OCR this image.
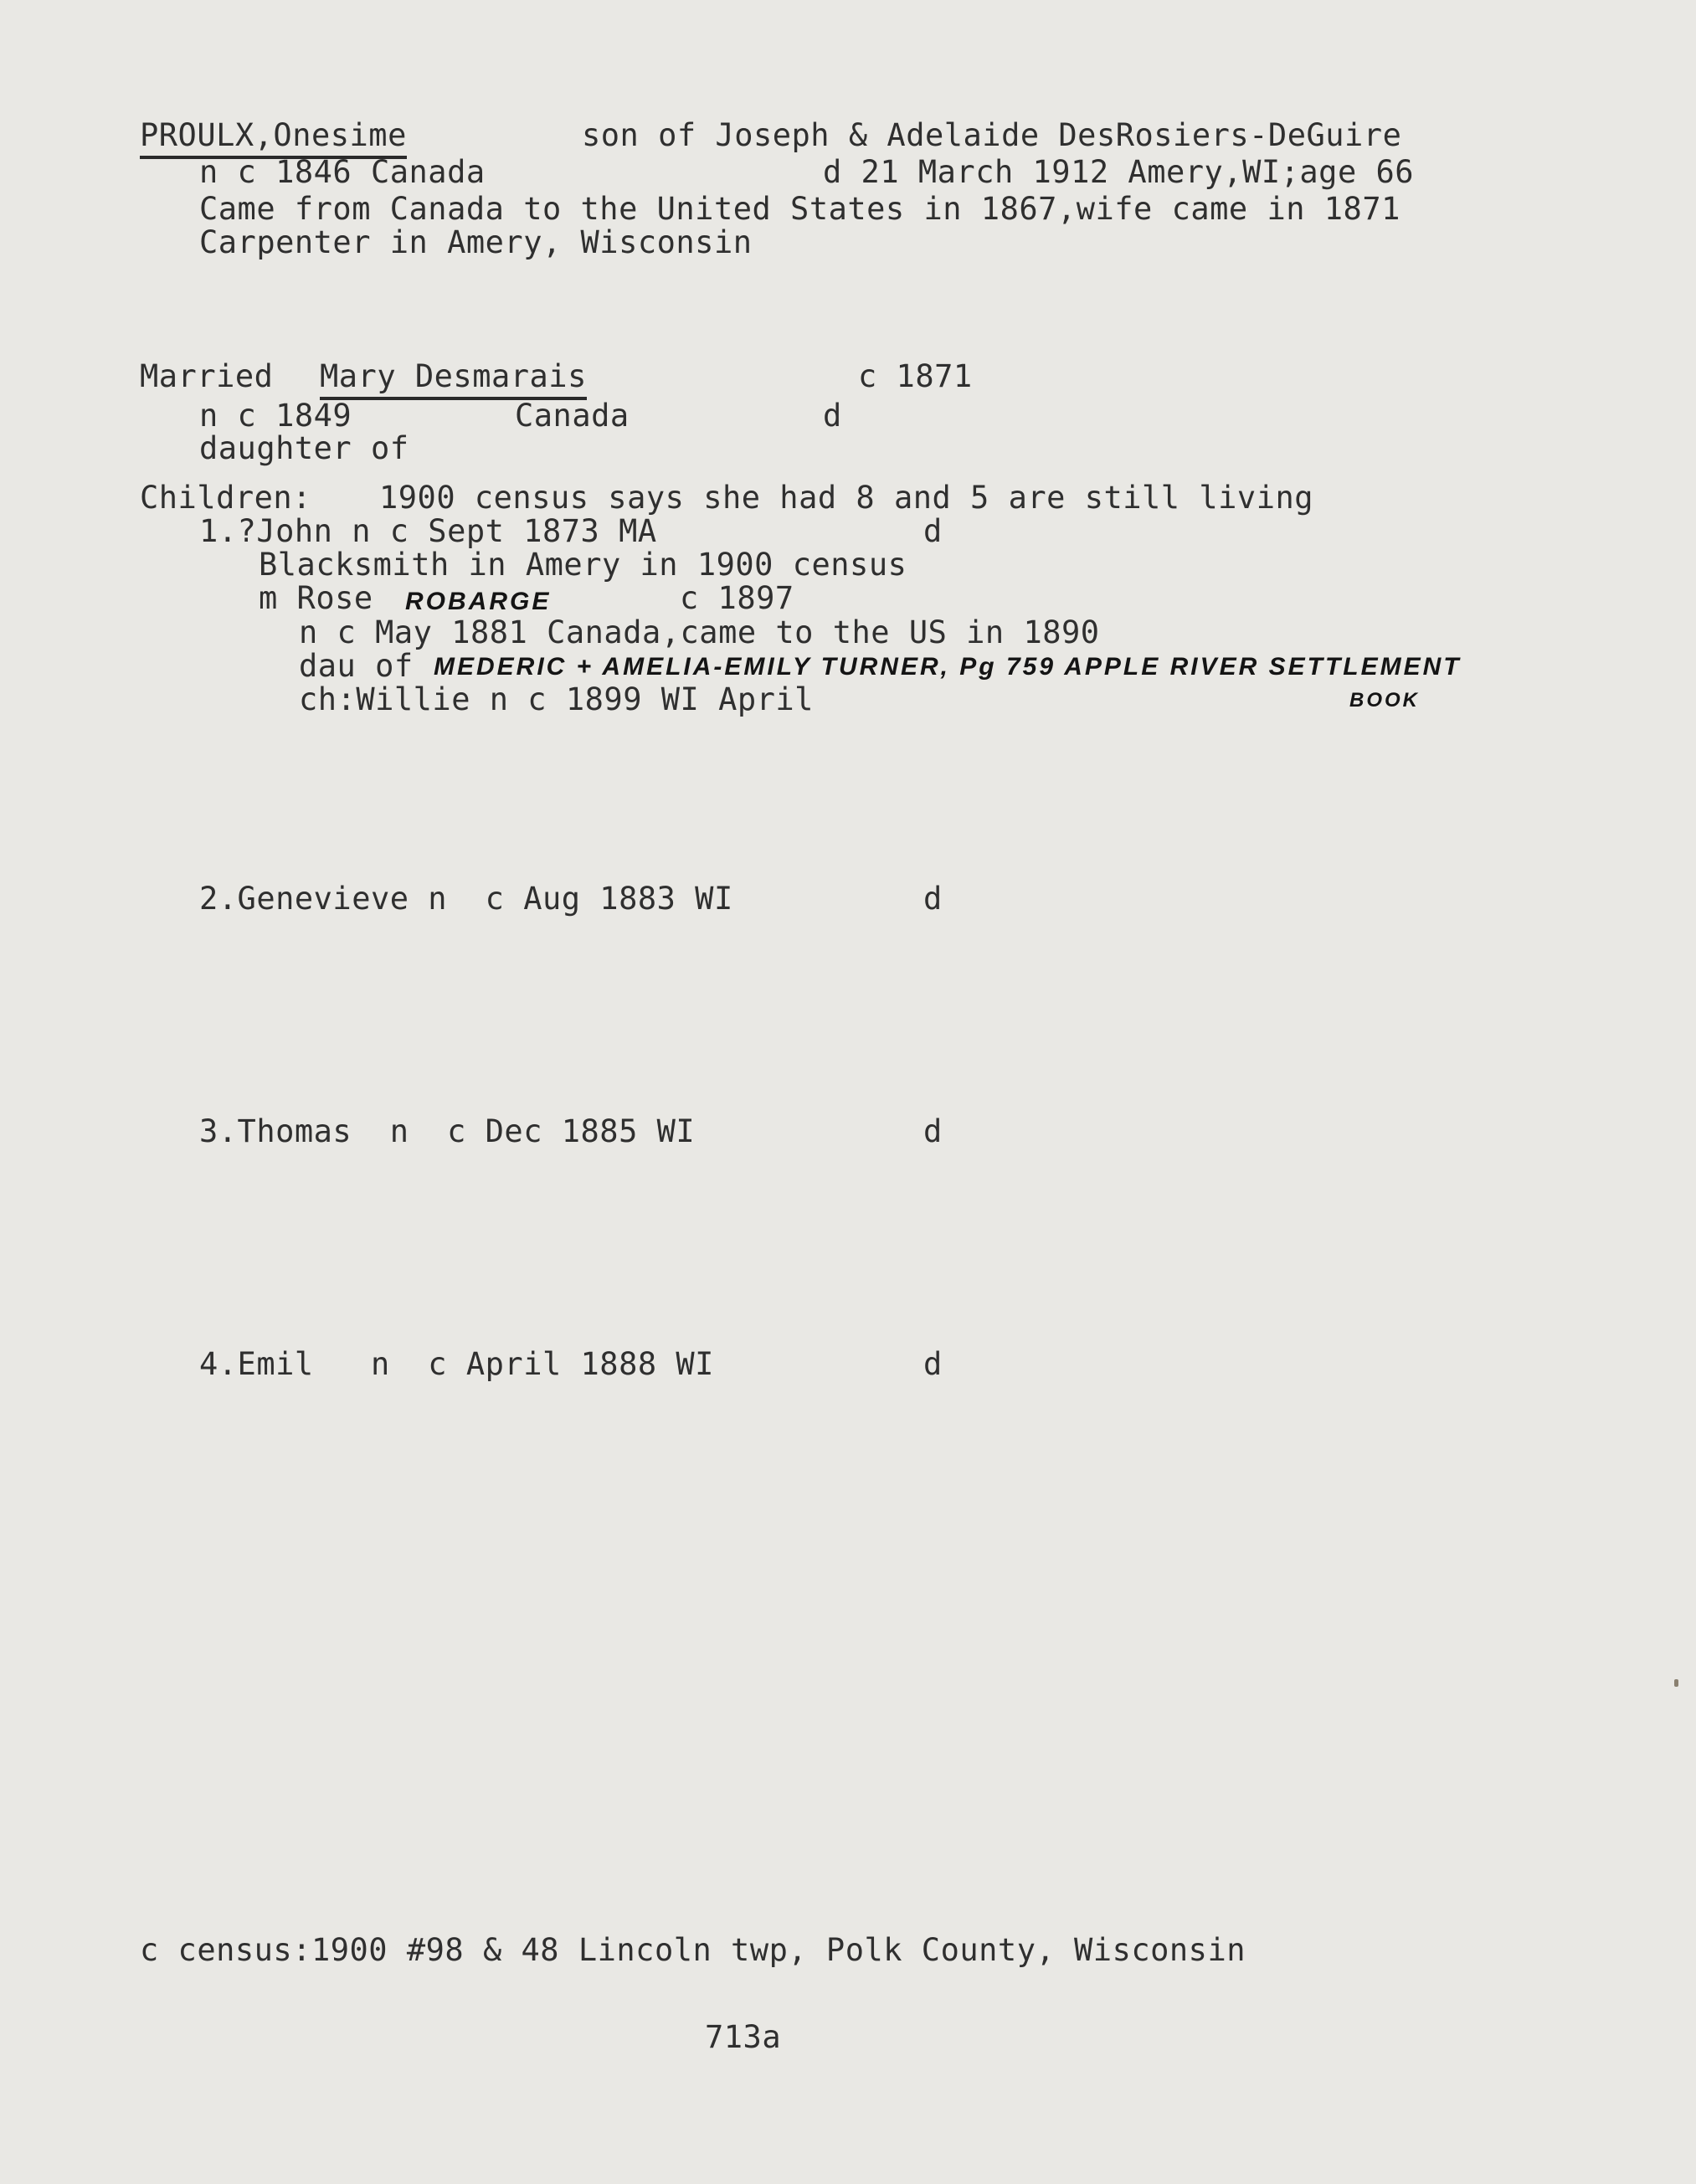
PROULX,Onesime	son of Joseph & Adelaide DesRosiers-DeGuire
n c 1846 Canada	d 21 March 1912 Amery,WI;age 66
Came from Canada to the United States in 1867,wife came in 1871
Carpenter in Amery, Wisconsin
Married Mary Desmarais	c 1871
n c 1849	Canada	d
daughter of
Children: 1900 census says she had 8 and 5 are still living
1.?John n c Sept 1873 MA	d
Blacksmith in Amery in 1900 census
m Rose ROBARGE	c 1897
n c May 1881 Canada,came to the US in 1890
dau of MEDERIC + AMELIA-EMILY TURNER, Pg 759 APPLE RIVER SETTLEMENT
ch:Willie n c 1899 WI April	BOOK
2.Genevieve n  c Aug 1883 WI	d
3.Thomas  n  c Dec 1885 WI	d
4.Emil   n  c April 1888 WI	d
c census:1900 #98 & 48 Lincoln twp, Polk County, Wisconsin
713a
